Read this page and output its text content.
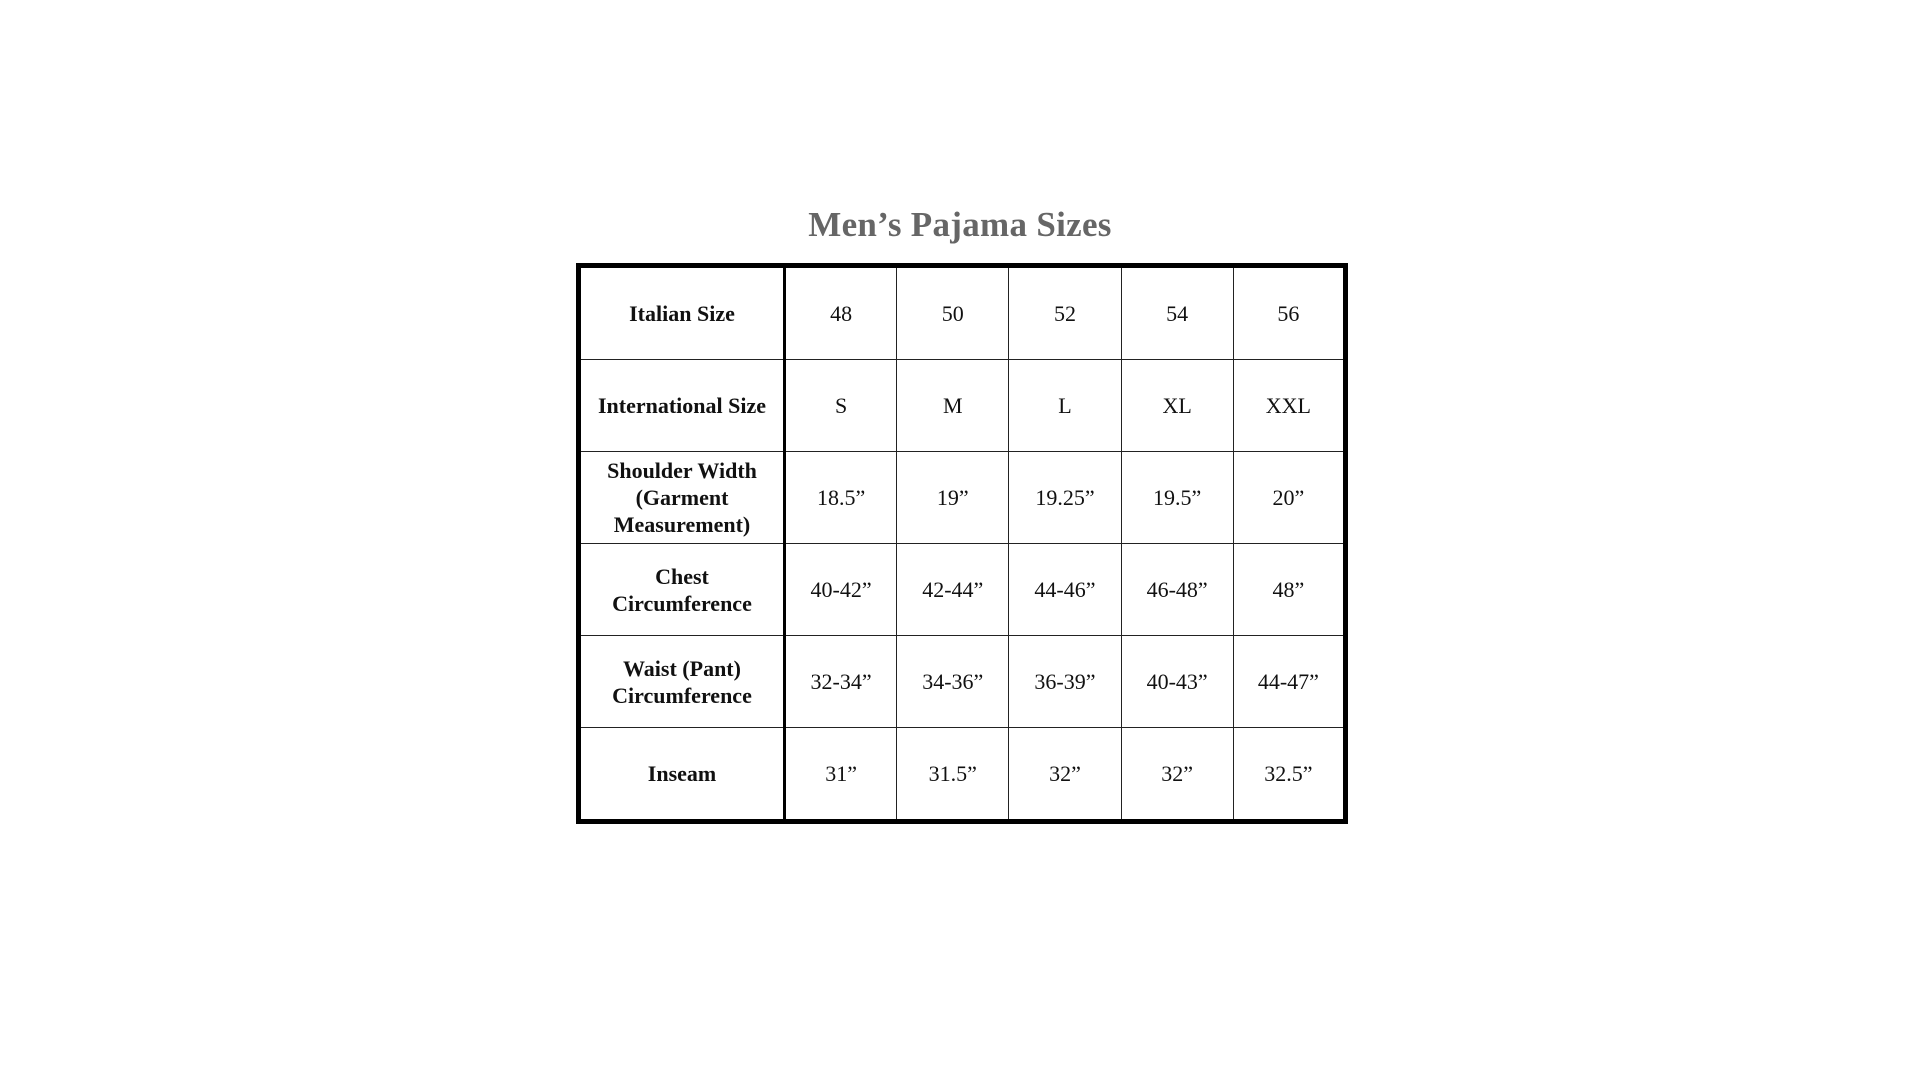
Men’s Pajama Sizes
Italian Size	48	50	52	54	56
International Size	S	M	L	XL	XXL
Shoulder Width (Garment Measurement)	18.5”	19”	19.25”	19.5”	20”
Chest Circumference	40-42”	42-44”	44-46”	46-48”	48”
Waist (Pant) Circumference	32-34”	34-36”	36-39”	40-43”	44-47”
Inseam	31”	31.5”	32”	32”	32.5”
